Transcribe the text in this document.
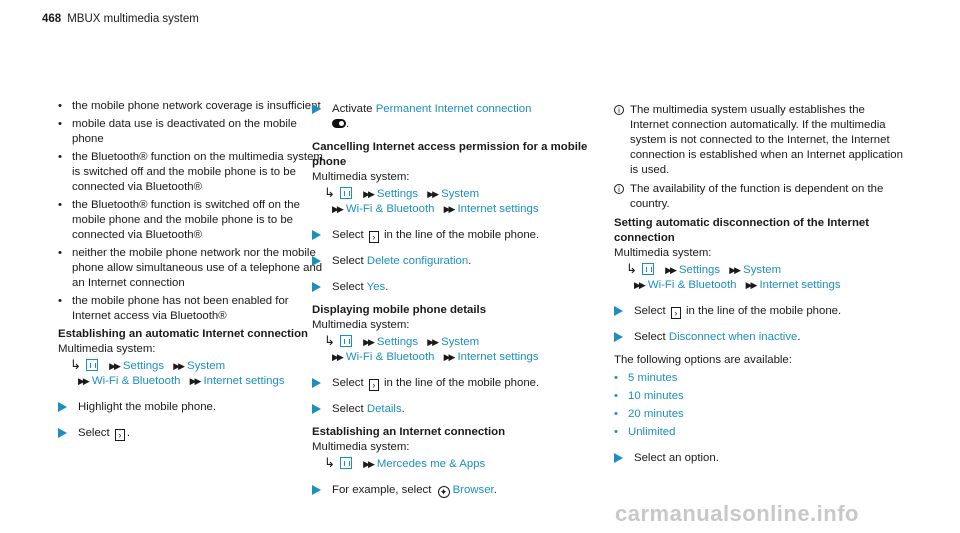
468 MBUX multimedia system
• the mobile phone network coverage is insufficient
• mobile data use is deactivated on the mobile phone
• the Bluetooth® function on the multimedia system is switched off and the mobile phone is to be connected via Bluetooth®
• the Bluetooth® function is switched off on the mobile phone and the mobile phone is to be connected via Bluetooth®
• neither the mobile phone network nor the mobile phone allow simultaneous use of a telephone and an Internet connection
• the mobile phone has not been enabled for Internet access via Bluetooth®
Establishing an automatic Internet connection
Multimedia system:
↳	▶▶ Settings ▶▶ System
▶▶ Wi-Fi & Bluetooth ▶▶ Internet settings
Highlight the mobile phone.
Select › .
Activate Permanent Internet connection
.
Cancelling Internet access permission for a mobile phone
Multimedia system:
↳	▶▶ Settings ▶▶ System
▶▶ Wi-Fi & Bluetooth ▶▶ Internet settings
Select › in the line of the mobile phone.
Select Delete configuration.
Select Yes.
Displaying mobile phone details
Multimedia system:
↳	▶▶ Settings ▶▶ System
▶▶ Wi-Fi & Bluetooth ▶▶ Internet settings
Select › in the line of the mobile phone.
Select Details.
Establishing an Internet connection
Multimedia system:
↳	▶▶ Mercedes me & Apps
For example, select ✦ Browser.
i The multimedia system usually establishes the Internet connection automatically. If the multimedia system is not connected to the Internet, the Internet connection is established when an Internet application is used.
i The availability of the function is dependent on the country.
Setting automatic disconnection of the Internet connection
Multimedia system:
↳	▶▶ Settings ▶▶ System
▶▶ Wi-Fi & Bluetooth ▶▶ Internet settings
Select › in the line of the mobile phone.
Select Disconnect when inactive.
The following options are available:
• 5 minutes
• 10 minutes
• 20 minutes
• Unlimited
Select an option.
carmanualsonline.info
